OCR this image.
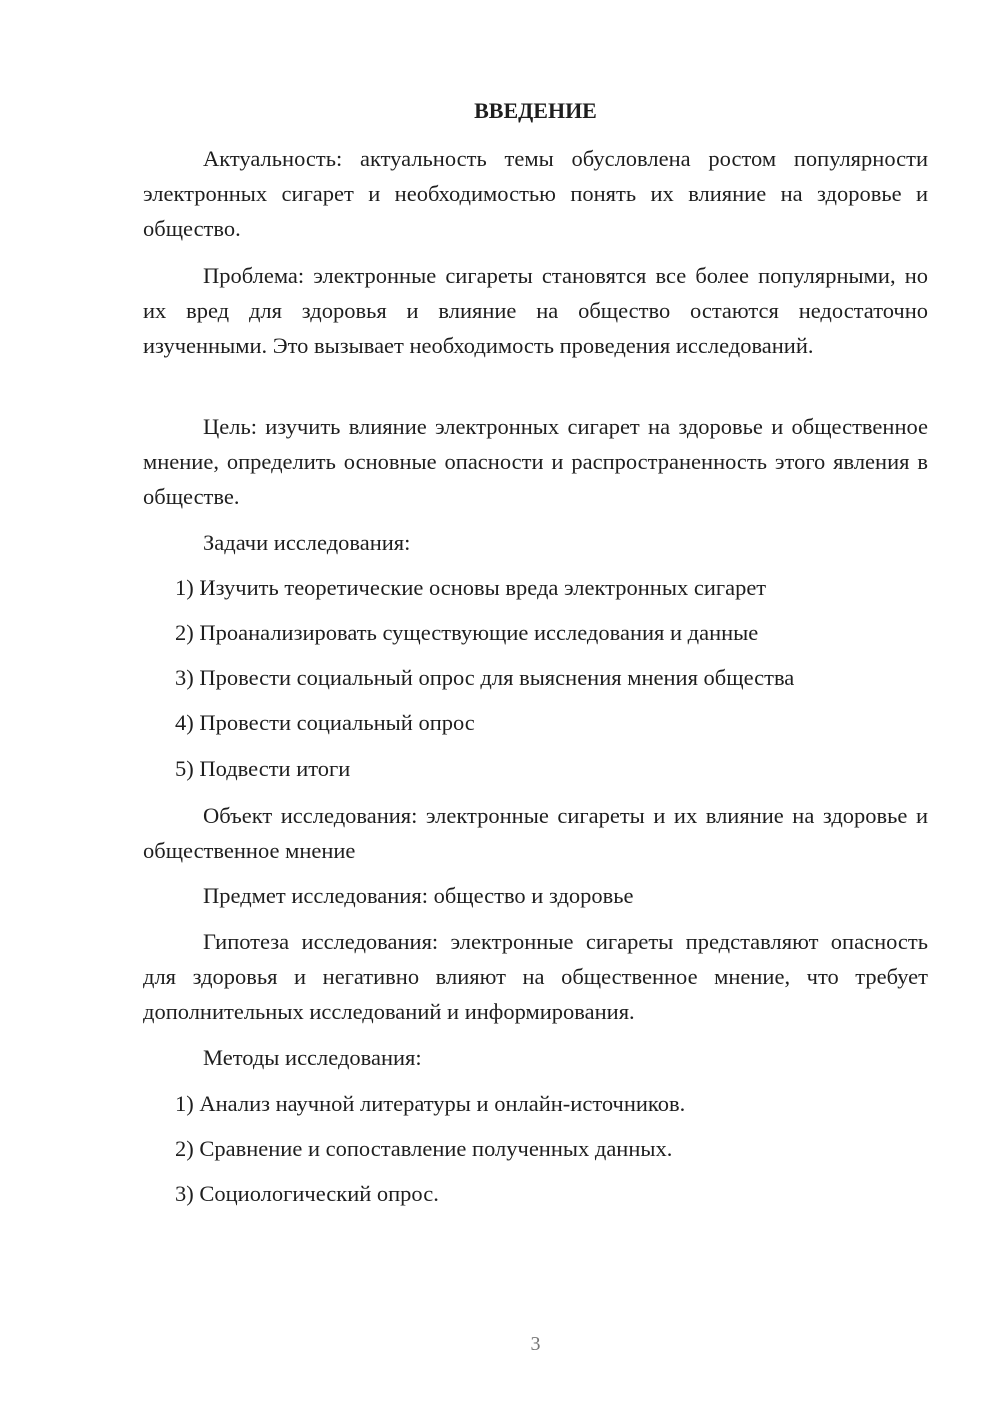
ВВЕДЕНИЕ

Актуальность: актуальность темы обусловлена ростом популярности электронных сигарет и необходимостью понять их влияние на здоровье и общество.

Проблема: электронные сигареты становятся все более популярными, но их вред для здоровья и влияние на общество остаются недостаточно изученными. Это вызывает необходимость проведения исследований.

Цель: изучить влияние электронных сигарет на здоровье и общественное мнение, определить основные опасности и распространенность этого явления в обществе.

Задачи исследования:

1) Изучить теоретические основы вреда электронных сигарет

2) Проанализировать существующие исследования и данные

3) Провести социальный опрос для выяснения мнения общества

4) Провести социальный опрос

5) Подвести итоги

Объект исследования: электронные сигареты и их влияние на здоровье и общественное мнение

Предмет исследования: общество и здоровье

Гипотеза исследования: электронные сигареты представляют опасность для здоровья и негативно влияют на общественное мнение, что требует дополнительных исследований и информирования.

Методы исследования:

1) Анализ научной литературы и онлайн-источников.

2) Сравнение и сопоставление полученных данных.

3) Социологический опрос.

3
